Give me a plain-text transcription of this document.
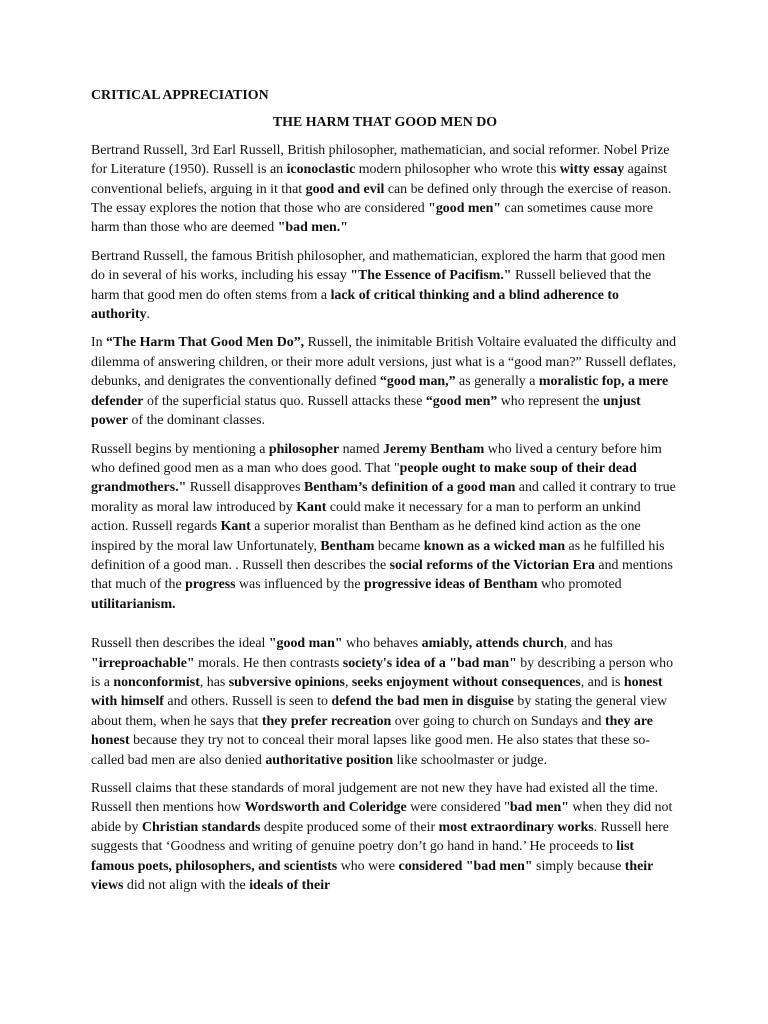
CRITICAL APPRECIATION
THE HARM THAT GOOD MEN DO

Bertrand Russell, 3rd Earl Russell, British philosopher, mathematician, and social reformer. Nobel Prize for Literature (1950). Russell is an iconoclastic modern philosopher who wrote this witty essay against conventional beliefs, arguing in it that good and evil can be defined only through the exercise of reason. The essay explores the notion that those who are considered "good men" can sometimes cause more harm than those who are deemed "bad men."

Bertrand Russell, the famous British philosopher, and mathematician, explored the harm that good men do in several of his works, including his essay "The Essence of Pacifism." Russell believed that the harm that good men do often stems from a lack of critical thinking and a blind adherence to authority.

In “The Harm That Good Men Do”, Russell, the inimitable British Voltaire evaluated the difficulty and dilemma of answering children, or their more adult versions, just what is a “good man?” Russell deflates, debunks, and denigrates the conventionally defined “good man,” as generally a moralistic fop, a mere defender of the superficial status quo. Russell attacks these “good men” who represent the unjust power of the dominant classes.

Russell begins by mentioning a philosopher named Jeremy Bentham who lived a century before him who defined good men as a man who does good. That "people ought to make soup of their dead grandmothers." Russell disapproves Bentham’s definition of a good man and called it contrary to true morality as moral law introduced by Kant could make it necessary for a man to perform an unkind action. Russell regards Kant a superior moralist than Bentham as he defined kind action as the one inspired by the moral law Unfortunately, Bentham became known as a wicked man as he fulfilled his definition of a good man. . Russell then describes the social reforms of the Victorian Era and mentions that much of the progress was influenced by the progressive ideas of Bentham who promoted utilitarianism.

Russell then describes the ideal "good man" who behaves amiably, attends church, and has "irreproachable" morals. He then contrasts society's idea of a "bad man" by describing a person who is a nonconformist, has subversive opinions, seeks enjoyment without consequences, and is honest with himself and others. Russell is seen to defend the bad men in disguise by stating the general view about them, when he says that they prefer recreation over going to church on Sundays and they are honest because they try not to conceal their moral lapses like good men. He also states that these so-called bad men are also denied authoritative position like schoolmaster or judge.

Russell claims that these standards of moral judgement are not new they have had existed all the time. Russell then mentions how Wordsworth and Coleridge were considered "bad men" when they did not abide by Christian standards despite produced some of their most extraordinary works. Russell here suggests that ‘Goodness and writing of genuine poetry don’t go hand in hand.’ He proceeds to list famous poets, philosophers, and scientists who were considered "bad men" simply because their views did not align with the ideals of their
